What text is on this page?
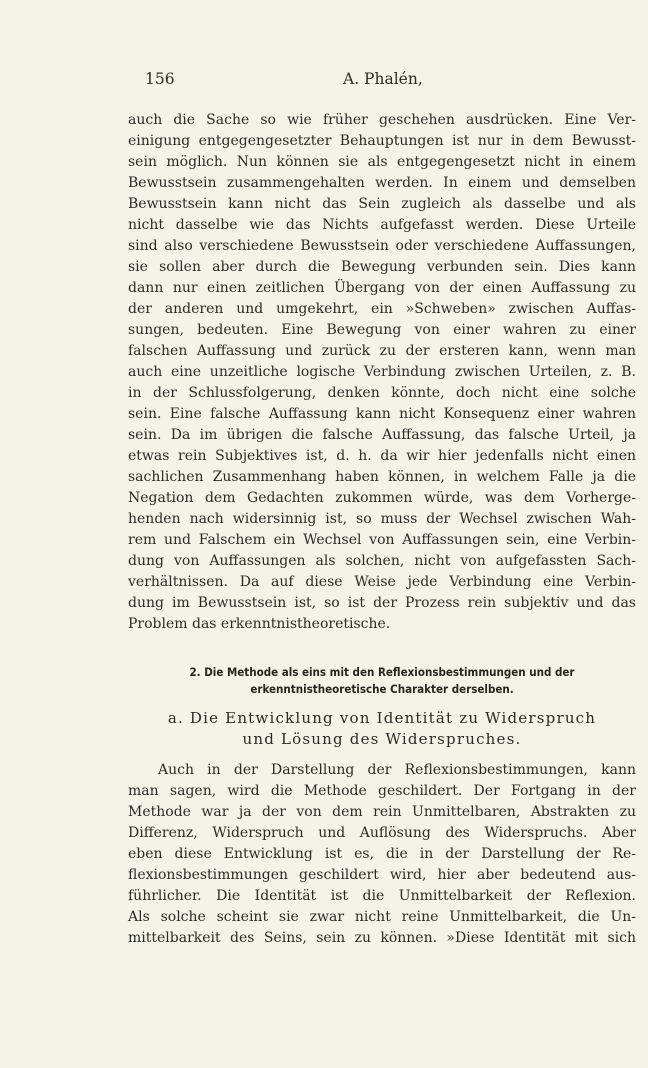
156	A. Phalén,
auch die Sache so wie früher geschehen ausdrücken. Eine Ver-
einigung entgegengesetzter Behauptungen ist nur in dem Bewusst-
sein möglich. Nun können sie als entgegengesetzt nicht in einem
Bewusstsein zusammengehalten werden. In einem und demselben
Bewusstsein kann nicht das Sein zugleich als dasselbe und als
nicht dasselbe wie das Nichts aufgefasst werden. Diese Urteile
sind also verschiedene Bewusstsein oder verschiedene Auffassungen,
sie sollen aber durch die Bewegung verbunden sein. Dies kann
dann nur einen zeitlichen Übergang von der einen Auffassung zu
der anderen und umgekehrt, ein »Schweben» zwischen Auffas-
sungen, bedeuten. Eine Bewegung von einer wahren zu einer
falschen Auffassung und zurück zu der ersteren kann, wenn man
auch eine unzeitliche logische Verbindung zwischen Urteilen, z. B.
in der Schlussfolgerung, denken könnte, doch nicht eine solche
sein. Eine falsche Auffassung kann nicht Konsequenz einer wahren
sein. Da im übrigen die falsche Auffassung, das falsche Urteil, ja
etwas rein Subjektives ist, d. h. da wir hier jedenfalls nicht einen
sachlichen Zusammenhang haben können, in welchem Falle ja die
Negation dem Gedachten zukommen würde, was dem Vorherge-
henden nach widersinnig ist, so muss der Wechsel zwischen Wah-
rem und Falschem ein Wechsel von Auffassungen sein, eine Verbin-
dung von Auffassungen als solchen, nicht von aufgefassten Sach-
verhältnissen. Da auf diese Weise jede Verbindung eine Verbin-
dung im Bewusstsein ist, so ist der Prozess rein subjektiv und das
Problem das erkenntnistheoretische.
2. Die Methode als eins mit den Reflexionsbestimmungen und der
erkenntnistheoretische Charakter derselben.
a. Die Entwicklung von Identität zu Widerspruch
und Lösung des Widerspruches.
Auch in der Darstellung der Reflexionsbestimmungen, kann
man sagen, wird die Methode geschildert. Der Fortgang in der
Methode war ja der von dem rein Unmittelbaren, Abstrakten zu
Differenz, Widerspruch und Auflösung des Widerspruchs. Aber
eben diese Entwicklung ist es, die in der Darstellung der Re-
flexionsbestimmungen geschildert wird, hier aber bedeutend aus-
führlicher. Die Identität ist die Unmittelbarkeit der Reflexion.
Als solche scheint sie zwar nicht reine Unmittelbarkeit, die Un-
mittelbarkeit des Seins, sein zu können. »Diese Identität mit sich
